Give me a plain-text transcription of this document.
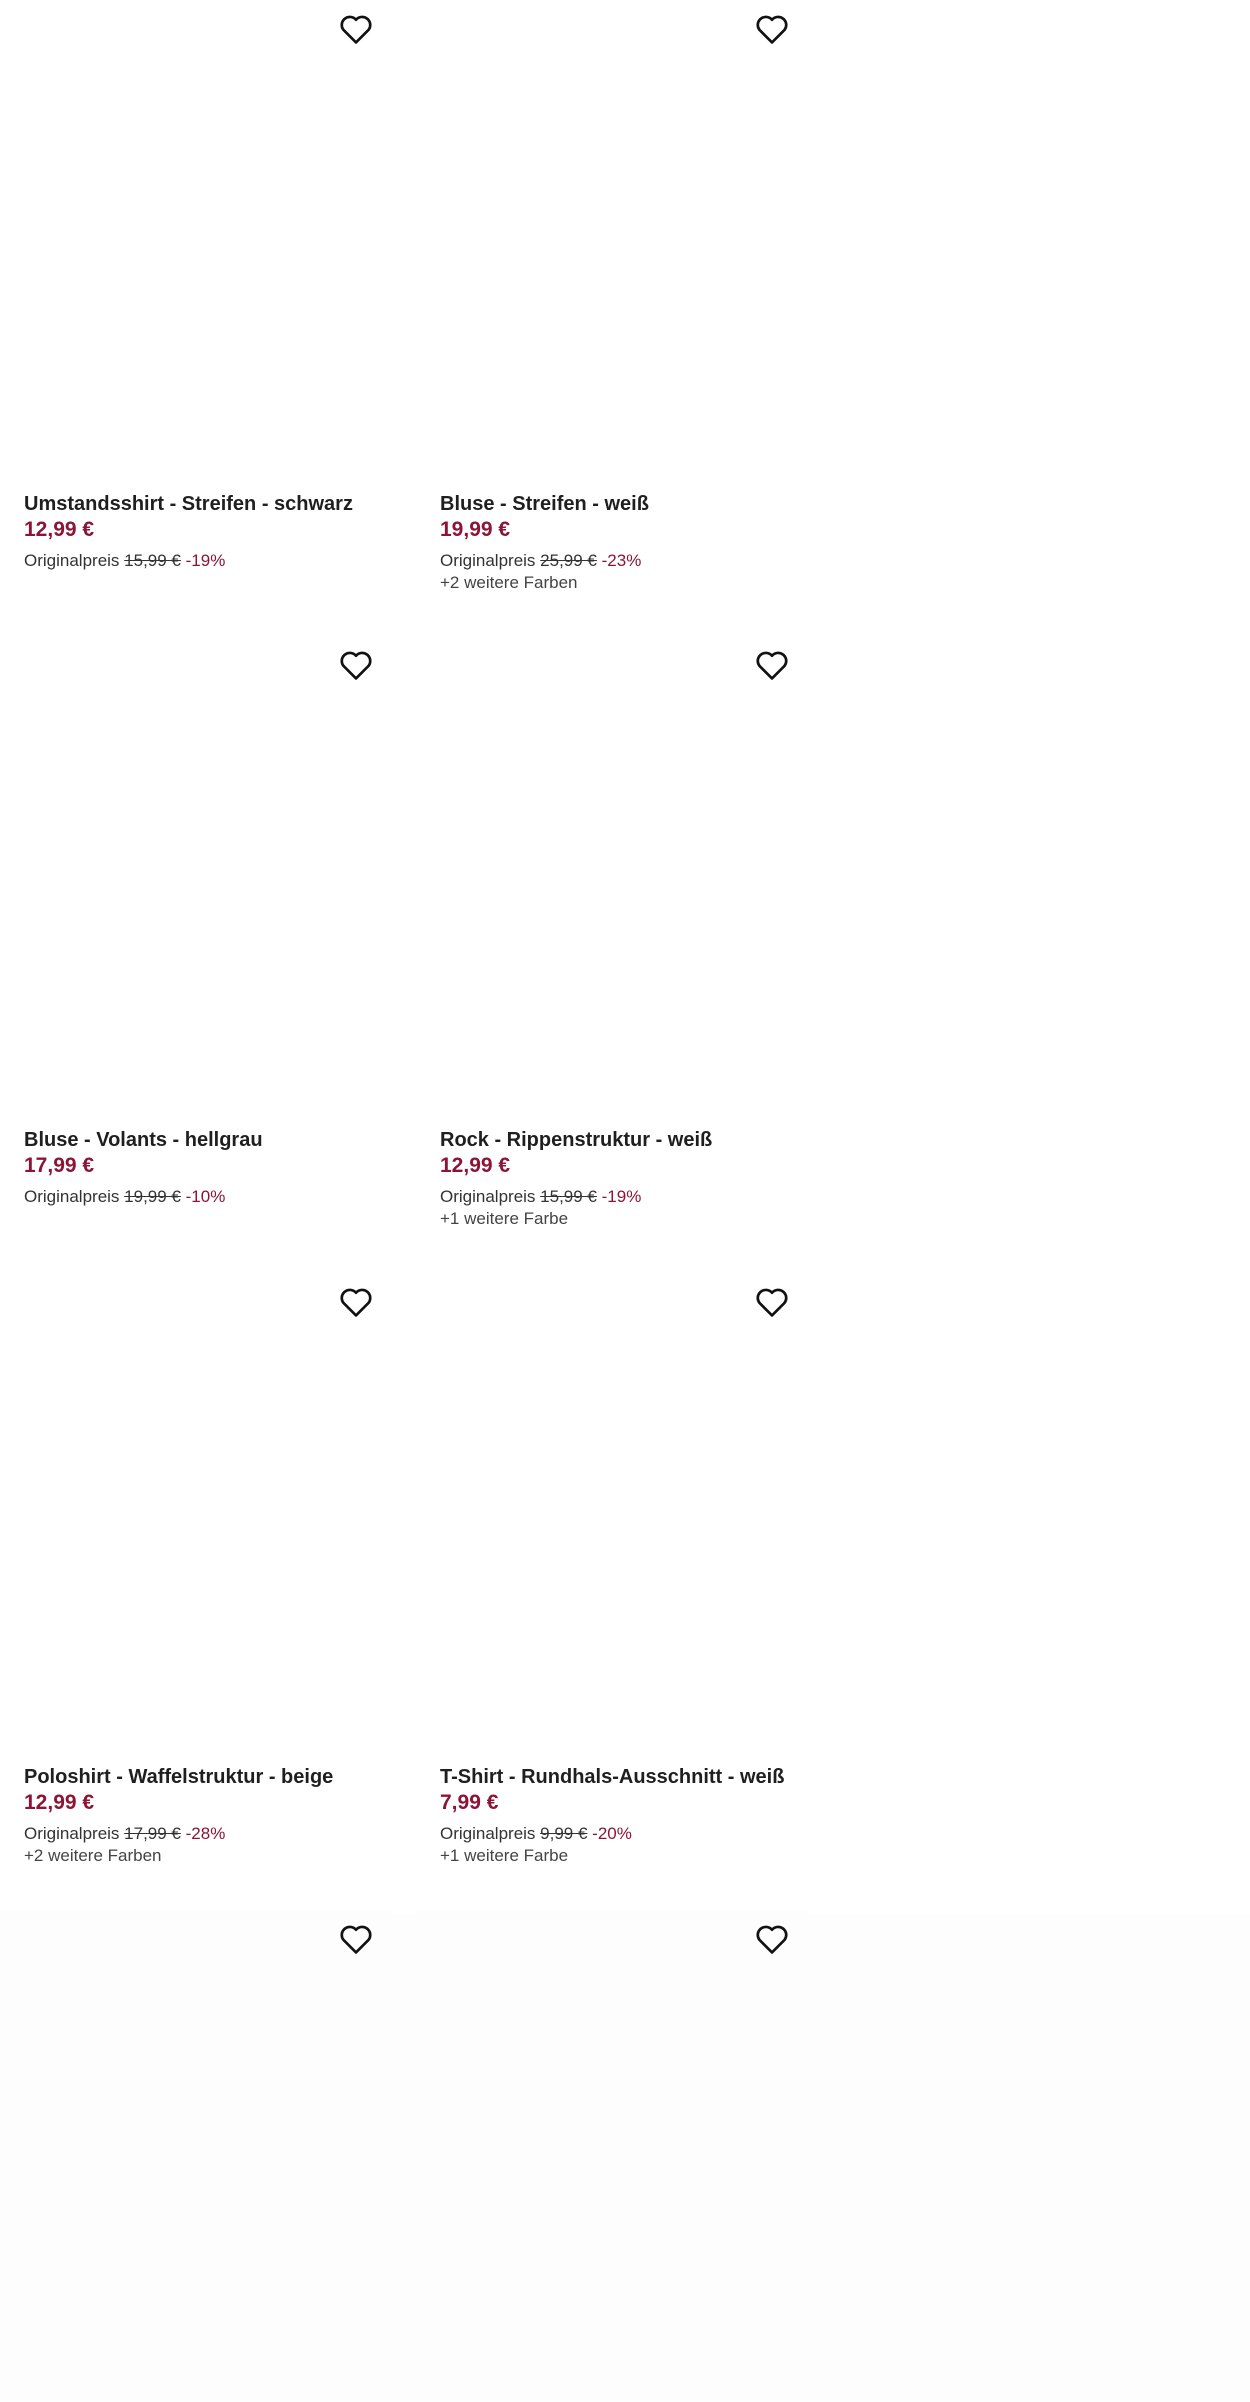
Umstandsshirt - Streifen - schwarz
12,99 €
Originalpreis 15,99 € -19%
Bluse - Streifen - weiß
19,99 €
Originalpreis 25,99 € -23%
+2 weitere Farben
Bluse - Volants - hellgrau
17,99 €
Originalpreis 19,99 € -10%
Rock - Rippenstruktur - weiß
12,99 €
Originalpreis 15,99 € -19%
+1 weitere Farbe
Poloshirt - Waffelstruktur - beige
12,99 €
Originalpreis 17,99 € -28%
+2 weitere Farben
T-Shirt - Rundhals-Ausschnitt - weiß
7,99 €
Originalpreis 9,99 € -20%
+1 weitere Farbe
